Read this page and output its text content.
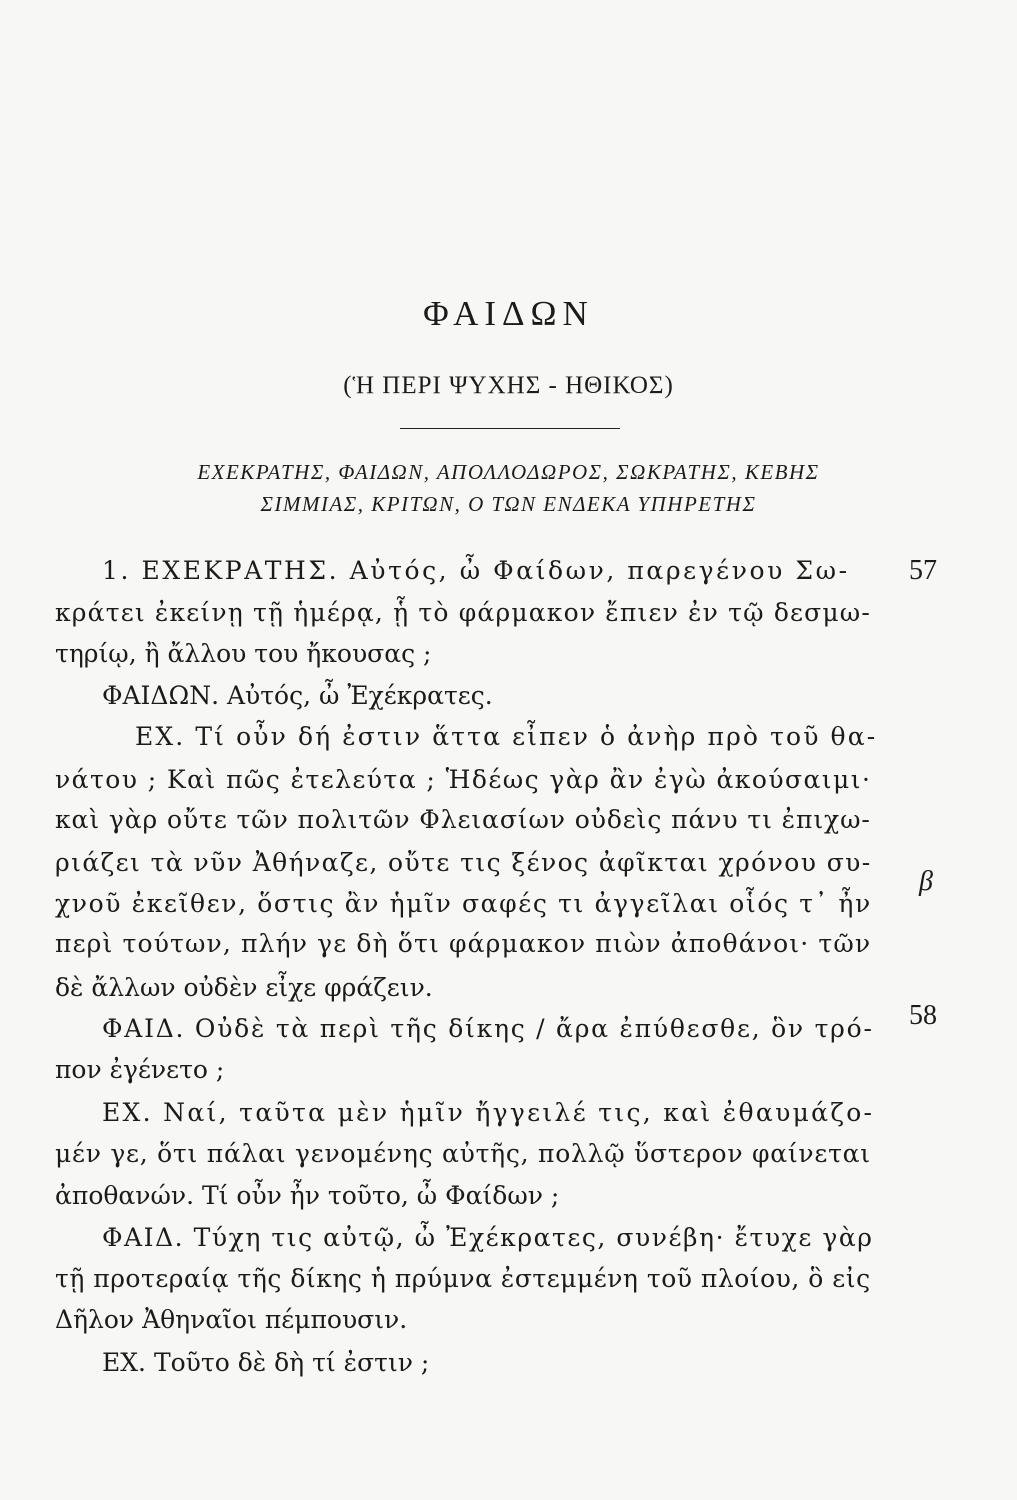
ΦΑΙΔΩΝ
(Ἡ ΠΕΡΙ ΨΥΧΗΣ - ΗΘΙΚΟΣ)
ΕΧΕΚΡΑΤΗΣ, ΦΑΙΔΩΝ, ΑΠΟΛΛΟΔΩΡΟΣ, ΣΩΚΡΑΤΗΣ, ΚΕΒΗΣ
ΣΙΜΜΙΑΣ, ΚΡΙΤΩΝ, Ο ΤΩΝ ΕΝΔΕΚΑ ΥΠΗΡΕΤΗΣ
1. ΕΧΕΚΡΑΤΗΣ. Αὐτός, ὦ Φαίδων, παρεγένου Σω-
κράτει ἐκείνῃ τῇ ἡμέρᾳ, ᾗ τὸ φάρμακον ἔπιεν ἐν τῷ δεσμω-
τηρίῳ, ἢ ἄλλου του ἤκουσας ;
ΦΑΙΔΩΝ. Αὐτός, ὦ Ἐχέκρατες.
ΕΧ. Τί οὖν δή ἐστιν ἅττα εἶπεν ὁ ἀνὴρ πρὸ τοῦ θα-
νάτου ; Καὶ πῶς ἐτελεύτα ; Ἡδέως γὰρ ἂν ἐγὼ ἀκούσαιμι·
καὶ γὰρ οὔτε τῶν πολιτῶν Φλειασίων οὐδεὶς πάνυ τι ἐπιχω-
ριάζει τὰ νῦν Ἀθήναζε, οὔτε τις ξένος ἀφῖκται χρόνου συ-
χνοῦ ἐκεῖθεν, ὅστις ἂν ἡμῖν σαφές τι ἀγγεῖλαι οἷός τ᾽ ἦν
περὶ τούτων, πλήν γε δὴ ὅτι φάρμακον πιὼν ἀποθάνοι· τῶν
δὲ ἄλλων οὐδὲν εἶχε φράζειν.
ΦΑΙΔ. Οὐδὲ τὰ περὶ τῆς δίκης / ἄρα ἐπύθεσθε, ὃν τρό-
πον ἐγένετο ;
ΕΧ. Ναί, ταῦτα μὲν ἡμῖν ἤγγειλέ τις, καὶ ἐθαυμάζο-
μέν γε, ὅτι πάλαι γενομένης αὐτῆς, πολλῷ ὕστερον φαίνεται
ἀποθανών. Τί οὖν ἦν τοῦτο, ὦ Φαίδων ;
ΦΑΙΔ. Τύχη τις αὐτῷ, ὦ Ἐχέκρατες, συνέβη· ἔτυχε γὰρ
τῇ προτεραίᾳ τῆς δίκης ἡ πρύμνα ἐστεμμένη τοῦ πλοίου, ὃ εἰς
Δῆλον Ἀθηναῖοι πέμπουσιν.
ΕΧ. Τοῦτο δὲ δὴ τί ἐστιν ;
57
β
58
